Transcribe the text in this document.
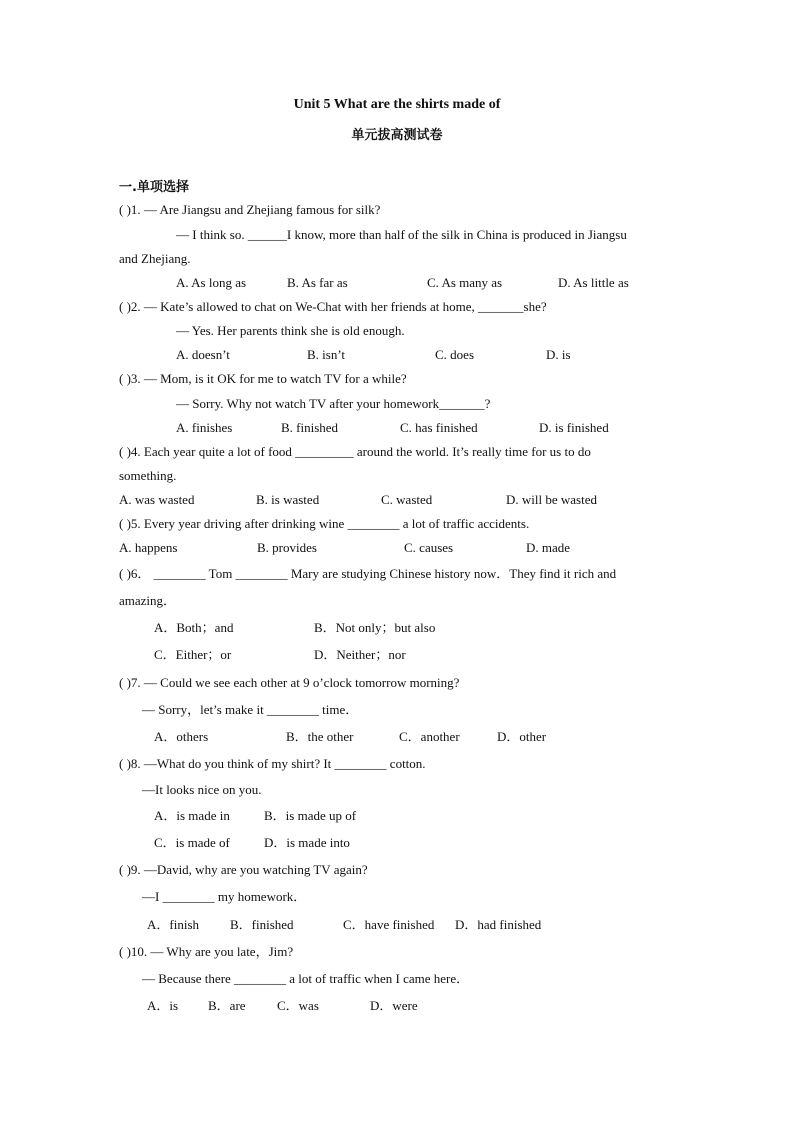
Unit 5 What are the shirts made of
单元拔高测试卷
一.单项选择
( )1. — Are Jiangsu and Zhejiang famous for silk?
— I think so. ______I know, more than half of the silk in China is produced in Jiangsu
and Zhejiang.
A. As long as	B. As far as	C. As many as	D. As little as
( )2. — Kate’s allowed to chat on We-Chat with her friends at home, _______she?
— Yes. Her parents think she is old enough.
A. doesn’t	B. isn’t	C. does	D. is
( )3. — Mom, is it OK for me to watch TV for a while?
— Sorry. Why not watch TV after your homework_______?
A. finishes	B. finished	C. has finished	D. is finished
( )4. Each year quite a lot of food _________ around the world. It’s really time for us to do
something.
A. was wasted	B. is wasted	C. wasted	D. will be wasted
( )5. Every year driving after drinking wine ________ a lot of traffic accidents.
A. happens	B. provides	C. causes	D. made
( )6． ________ Tom ________ Mary are studying Chinese history now．They find it rich and
amazing．
A．Both；and	B．Not only；but also
C．Either；or	D．Neither；nor
( )7. — Could we see each other at 9 o’clock tomorrow morning?
— Sorry，let’s make it ________ time．
A．others	B．the other	C．another	D．other
( )8. —What do you think of my shirt? It ________ cotton.
—It looks nice on you.
A．is made in	B．is made up of
C．is made of	D．is made into
( )9. —David, why are you watching TV again?
—I ________ my homework．
A．finish B．finished	C．have finished D．had finished
( )10. — Why are you late，Jim?
— Because there ________ a lot of traffic when I came here．
A．is B．are C．was	D．were
